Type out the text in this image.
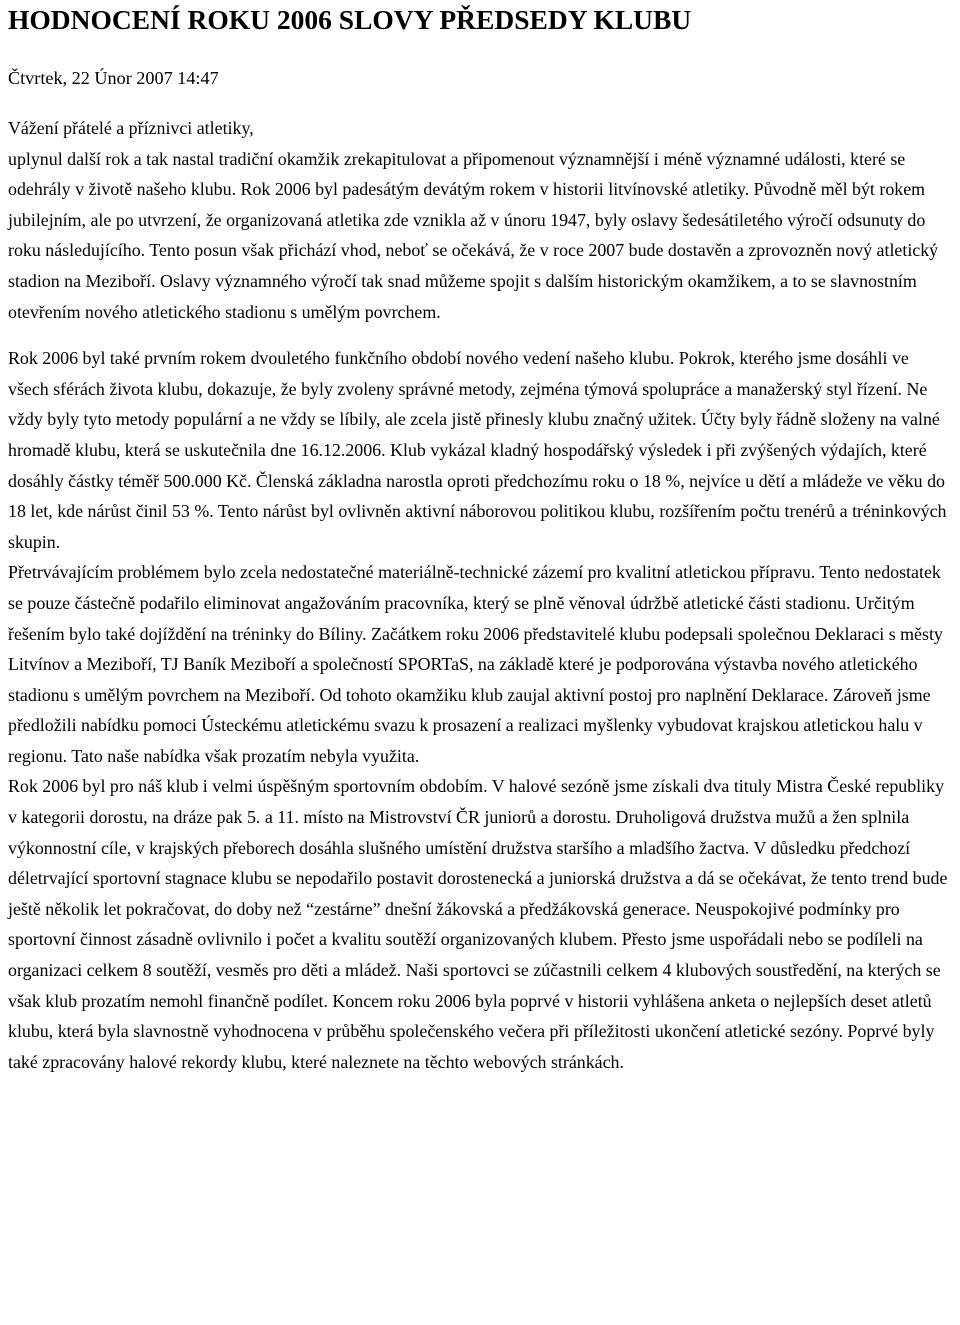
HODNOCENÍ ROKU 2006 SLOVY PŘEDSEDY KLUBU
Čtvrtek, 22 Únor 2007 14:47

Vážení přátelé a příznivci atletiky,

uplynul další rok a tak nastal tradiční okamžik zrekapitulovat a připomenout významnější i méně významné události, které se odehrály v životě našeho klubu. Rok 2006 byl padesátým devátým rokem v historii litvínovské atletiky. Původně měl být rokem jubilejním, ale po utvrzení, že organizovaná atletika zde vznikla až v únoru 1947, byly oslavy šedesátiletého výročí odsunuty do roku následujícího. Tento posun však přichází vhod, neboť se očekává, že v roce 2007 bude dostavěn a zprovozněn nový atletický stadion na Meziboří. Oslavy významného výročí tak snad můžeme spojit s dalším historickým okamžikem, a to se slavnostním otevřením nového atletického stadionu s umělým povrchem.

Rok 2006 byl také prvním rokem dvouletého funkčního období nového vedení našeho klubu. Pokrok, kterého jsme dosáhli ve všech sférách života klubu, dokazuje, že byly zvoleny správné metody, zejména týmová spolupráce a manažerský styl řízení. Ne vždy byly tyto metody populární a ne vždy se líbily, ale zcela jistě přinesly klubu značný užitek. Účty byly řádně složeny na valné hromadě klubu, která se uskutečnila dne 16.12.2006. Klub vykázal kladný hospodářský výsledek i při zvýšených výdajích, které dosáhly částky téměř 500.000 Kč. Členská základna narostla oproti předchozímu roku o 18 %, nejvíce u dětí a mládeže ve věku do 18 let, kde nárůst činil 53 %. Tento nárůst byl ovlivněn aktivní náborovou politikou klubu, rozšířením počtu trenérů a tréninkových skupin.

Přetrvávajícím problémem bylo zcela nedostatečné materiálně-technické zázemí pro kvalitní atletickou přípravu. Tento nedostatek se pouze částečně podařilo eliminovat angažováním pracovníka, který se plně věnoval údržbě atletické části stadionu. Určitým řešením bylo také dojíždění na tréninky do Bíliny. Začátkem roku 2006 představitelé klubu podepsali společnou Deklaraci s městy Litvínov a Meziboří, TJ Baník Meziboří a společností SPORTaS, na základě které je podporována výstavba nového atletického stadionu s umělým povrchem na Meziboří. Od tohoto okamžiku klub zaujal aktivní postoj pro naplnění Deklarace. Zároveň jsme předložili nabídku pomoci Ústeckému atletickému svazu k prosazení a realizaci myšlenky vybudovat krajskou atletickou halu v regionu. Tato naše nabídka však prozatím nebyla využita.

Rok 2006 byl pro náš klub i velmi úspěšným sportovním obdobím. V halové sezóně jsme získali dva tituly Mistra České republiky v kategorii dorostu, na dráze pak 5. a 11. místo na Mistrovství ČR juniorů a dorostu. Druholigová družstva mužů a žen splnila výkonnostní cíle, v krajských přeborech dosáhla slušného umístění družstva staršího a mladšího žactva. V důsledku předchozí déletrvající sportovní stagnace klubu se nepodařilo postavit dorostenecká a juniorská družstva a dá se očekávat, že tento trend bude ještě několik let pokračovat, do doby než “zestárne” dnešní žákovská a předžákovská generace. Neuspokojivé podmínky pro sportovní činnost zásadně ovlivnilo i počet a kvalitu soutěží organizovaných klubem. Přesto jsme uspořádali nebo se podíleli na organizaci celkem 8 soutěží, vesměs pro děti a mládež. Naši sportovci se zúčastnili celkem 4 klubových soustředění, na kterých se však klub prozatím nemohl finančně podílet. Koncem roku 2006 byla poprvé v historii vyhlášena anketa o nejlepších deset atletů klubu, která byla slavnostně vyhodnocena v průběhu společenského večera při příležitosti ukončení atletické sezóny. Poprvé byly také zpracovány halové rekordy klubu, které naleznete na těchto webových stránkách.
